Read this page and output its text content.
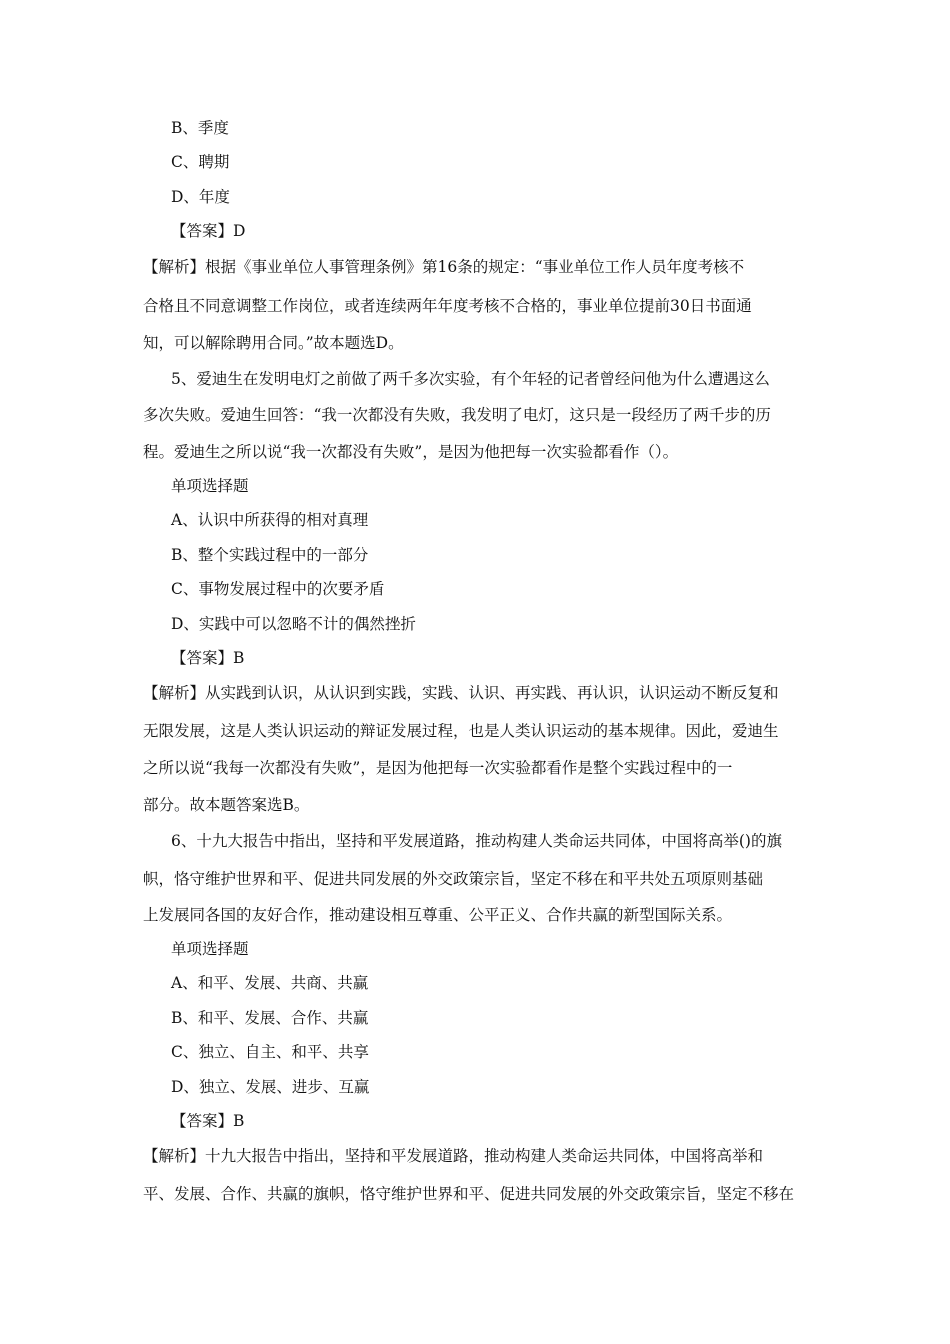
B、季度
C、聘期
D、年度
【答案】D
【解析】根据《事业单位人事管理条例》第16条的规定：“事业单位工作人员年度考核不
合格且不同意调整工作岗位，或者连续两年年度考核不合格的，事业单位提前30日书面通
知，可以解除聘用合同。”故本题选D。
5、爱迪生在发明电灯之前做了两千多次实验，有个年轻的记者曾经问他为什么遭遇这么
多次失败。爱迪生回答：“我一次都没有失败，我发明了电灯，这只是一段经历了两千步的历
程。爱迪生之所以说“我一次都没有失败”，是因为他把每一次实验都看作（）。
单项选择题
A、认识中所获得的相对真理
B、整个实践过程中的一部分
C、事物发展过程中的次要矛盾
D、实践中可以忽略不计的偶然挫折
【答案】B
【解析】从实践到认识，从认识到实践，实践、认识、再实践、再认识，认识运动不断反复和
无限发展，这是人类认识运动的辩证发展过程，也是人类认识运动的基本规律。因此，爱迪生
之所以说“我每一次都没有失败”，是因为他把每一次实验都看作是整个实践过程中的一
部分。故本题答案选B。
6、十九大报告中指出，坚持和平发展道路，推动构建人类命运共同体，中国将高举()的旗
帜，恪守维护世界和平、促进共同发展的外交政策宗旨，坚定不移在和平共处五项原则基础
上发展同各国的友好合作，推动建设相互尊重、公平正义、合作共赢的新型国际关系。
单项选择题
A、和平、发展、共商、共赢
B、和平、发展、合作、共赢
C、独立、自主、和平、共享
D、独立、发展、进步、互赢
【答案】B
【解析】十九大报告中指出，坚持和平发展道路，推动构建人类命运共同体，中国将高举和
平、发展、合作、共赢的旗帜，恪守维护世界和平、促进共同发展的外交政策宗旨，坚定不移在
